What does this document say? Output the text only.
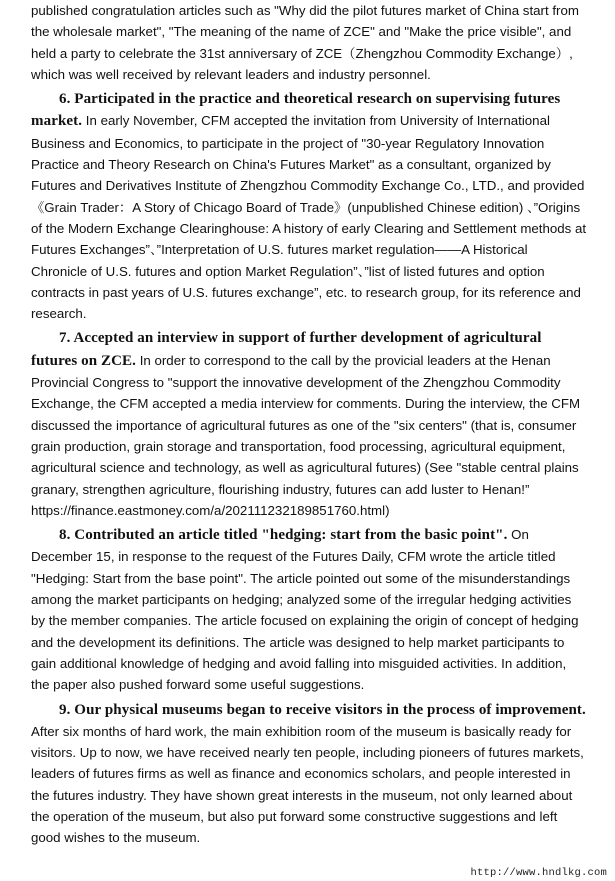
published congratulation articles such as "Why did the pilot futures market of China start from the wholesale market", "The meaning of the name of ZCE" and "Make the price visible", and held a party to celebrate the 31st anniversary of ZCE（Zhengzhou Commodity Exchange）, which was well received by relevant leaders and industry personnel.

6. Participated in the practice and theoretical research on supervising futures market. In early November, CFM accepted the invitation from University of International Business and Economics, to participate in the project of "30-year Regulatory Innovation Practice and Theory Research on China's Futures Market" as a consultant, organized by Futures and Derivatives Institute of Zhengzhou Commodity Exchange Co., LTD., and provided《Grain Trader：A Story of Chicago Board of Trade》(unpublished Chinese edition) 、”Origins of the Modern Exchange Clearinghouse: A history of early Clearing and Settlement methods at Futures Exchanges”、”Interpretation of U.S. futures market regulation——A Historical Chronicle of U.S. futures and option Market Regulation”、”list of listed futures and option contracts in past years of U.S. futures exchange”, etc. to research group, for its reference and research.

7. Accepted an interview in support of further development of agricultural futures on ZCE. In order to correspond to the call by the provicial leaders at the Henan Provincial Congress to "support the innovative development of the Zhengzhou Commodity Exchange, the CFM accepted a media interview for comments. During the interview, the CFM discussed the importance of agricultural futures as one of the "six centers" (that is, consumer grain production, grain storage and transportation, food processing, agricultural equipment, agricultural science and technology, as well as agricultural futures) (See "stable central plains granary, strengthen agriculture, flourishing industry, futures can add luster to Henan!” https://finance.eastmoney.com/a/202111232189851760.html)

8. Contributed an article titled "hedging: start from the basic point". On December 15, in response to the request of the Futures Daily, CFM wrote the article titled "Hedging: Start from the base point". The article pointed out some of the misunderstandings among the market participants on hedging; analyzed some of the irregular hedging activities by the member companies. The article focused on explaining the origin of concept of hedging and the development its definitions. The article was designed to help market participants to gain additional knowledge of hedging and avoid falling into misguided activities. In addition, the paper also pushed forward some useful suggestions.

9. Our physical museums began to receive visitors in the process of improvement. After six months of hard work, the main exhibition room of the museum is basically ready for visitors. Up to now, we have received nearly ten people, including pioneers of futures markets, leaders of futures firms as well as finance and economics scholars, and people interested in the futures industry. They have shown great interests in the museum, not only learned about the operation of the museum, but also put forward some constructive suggestions and left good wishes to the museum.

http://www.hndlkg.com
